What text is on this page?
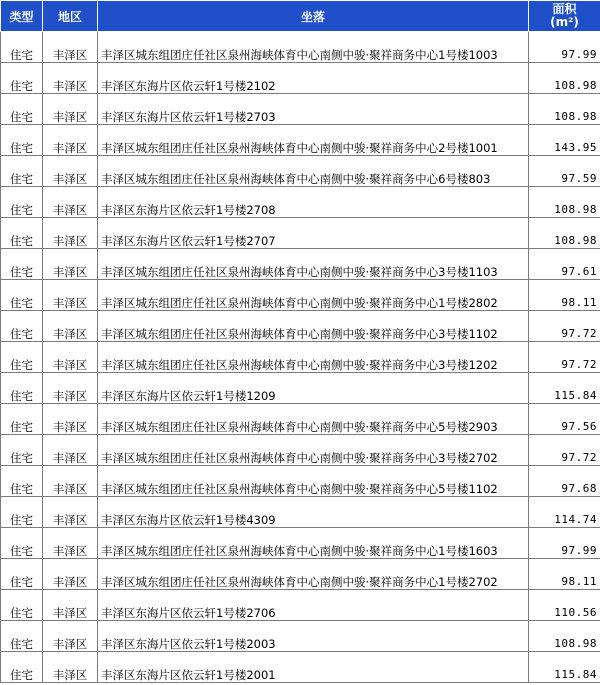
类型	地区	坐落	面积
(m²)
住宅	丰泽区	丰泽区城东组团庄任社区泉州海峡体育中心南侧中骏·聚祥商务中心1号楼1003	97.99
住宅	丰泽区	丰泽区东海片区依云轩1号楼2102	108.98
住宅	丰泽区	丰泽区东海片区依云轩1号楼2703	108.98
住宅	丰泽区	丰泽区城东组团庄任社区泉州海峡体育中心南侧中骏·聚祥商务中心2号楼1001	143.95
住宅	丰泽区	丰泽区城东组团庄任社区泉州海峡体育中心南侧中骏·聚祥商务中心6号楼803	97.59
住宅	丰泽区	丰泽区东海片区依云轩1号楼2708	108.98
住宅	丰泽区	丰泽区东海片区依云轩1号楼2707	108.98
住宅	丰泽区	丰泽区城东组团庄任社区泉州海峡体育中心南侧中骏·聚祥商务中心3号楼1103	97.61
住宅	丰泽区	丰泽区城东组团庄任社区泉州海峡体育中心南侧中骏·聚祥商务中心1号楼2802	98.11
住宅	丰泽区	丰泽区城东组团庄任社区泉州海峡体育中心南侧中骏·聚祥商务中心3号楼1102	97.72
住宅	丰泽区	丰泽区城东组团庄任社区泉州海峡体育中心南侧中骏·聚祥商务中心3号楼1202	97.72
住宅	丰泽区	丰泽区东海片区依云轩1号楼1209	115.84
住宅	丰泽区	丰泽区城东组团庄任社区泉州海峡体育中心南侧中骏·聚祥商务中心5号楼2903	97.56
住宅	丰泽区	丰泽区城东组团庄任社区泉州海峡体育中心南侧中骏·聚祥商务中心3号楼2702	97.72
住宅	丰泽区	丰泽区城东组团庄任社区泉州海峡体育中心南侧中骏·聚祥商务中心5号楼1102	97.68
住宅	丰泽区	丰泽区东海片区依云轩1号楼4309	114.74
住宅	丰泽区	丰泽区城东组团庄任社区泉州海峡体育中心南侧中骏·聚祥商务中心1号楼1603	97.99
住宅	丰泽区	丰泽区城东组团庄任社区泉州海峡体育中心南侧中骏·聚祥商务中心1号楼2702	98.11
住宅	丰泽区	丰泽区东海片区依云轩1号楼2706	110.56
住宅	丰泽区	丰泽区东海片区依云轩1号楼2003	108.98
住宅	丰泽区	丰泽区东海片区依云轩1号楼2001	115.84
